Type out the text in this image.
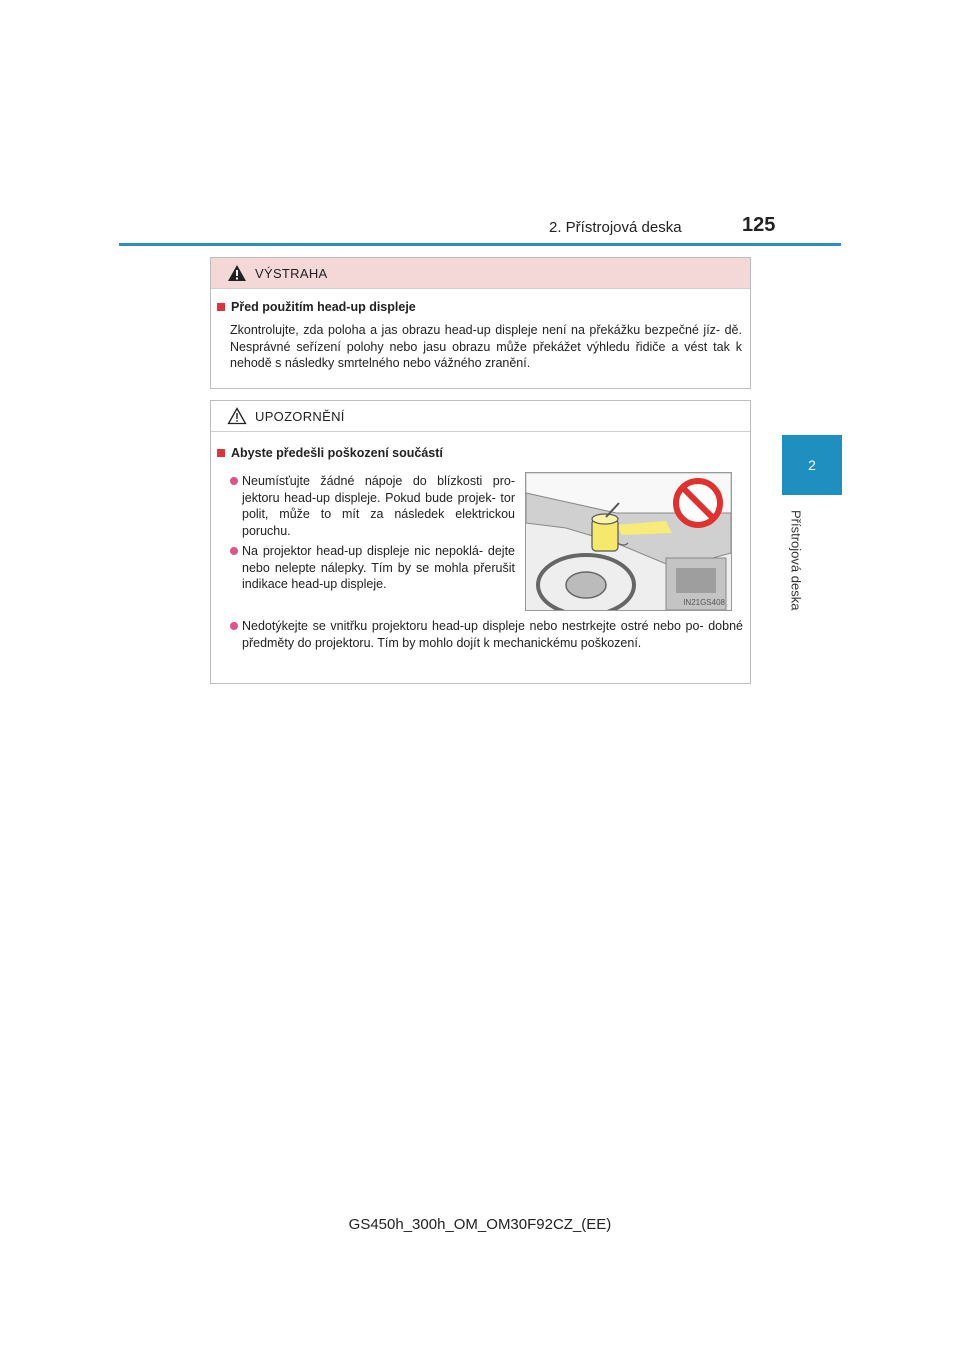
2. Přístrojová deska	125
2
Přístrojová deska
VÝSTRAHA
Před použitím head-up displeje
Zkontrolujte, zda poloha a jas obrazu head-up displeje není na překážku bezpečné jíz- dě. Nesprávné seřízení polohy nebo jasu obrazu může překážet výhledu řidiče a vést tak k nehodě s následky smrtelného nebo vážného zranění.
UPOZORNĚNÍ
Abyste předešli poškození součástí
Neumísťujte žádné nápoje do blízkosti pro- jektoru head-up displeje. Pokud bude projek- tor polit, může to mít za následek elektrickou poruchu.
Na projektor head-up displeje nic nepoklá- dejte nebo nelepte nálepky. Tím by se mohla přerušit indikace head-up displeje.
Nedotýkejte se vnitřku projektoru head-up displeje nebo nestrkejte ostré nebo po- dobné předměty do projektoru. Tím by mohlo dojít k mechanickému poškození.
IN21GS408
GS450h_300h_OM_OM30F92CZ_(EE)
